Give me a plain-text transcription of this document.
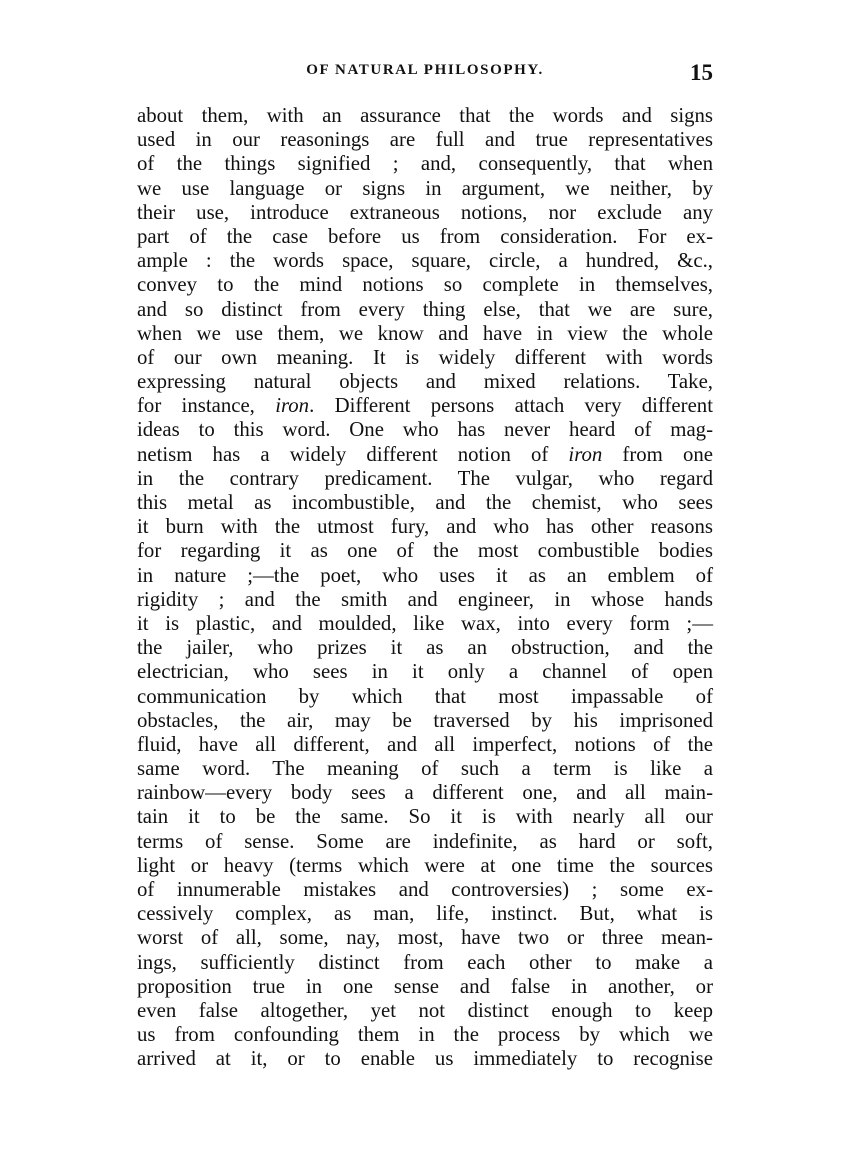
OF NATURAL PHILOSOPHY.	15
about them, with an assurance that the words and signs
used in our reasonings are full and true representatives
of the things signified ; and, consequently, that when
we use language or signs in argument, we neither, by
their use, introduce extraneous notions, nor exclude any
part of the case before us from consideration. For ex-
ample : the words space, square, circle, a hundred, &c.,
convey to the mind notions so complete in themselves,
and so distinct from every thing else, that we are sure,
when we use them, we know and have in view the whole
of our own meaning. It is widely different with words
expressing natural objects and mixed relations. Take,
for instance, iron. Different persons attach very different
ideas to this word. One who has never heard of mag-
netism has a widely different notion of iron from one
in the contrary predicament. The vulgar, who regard
this metal as incombustible, and the chemist, who sees
it burn with the utmost fury, and who has other reasons
for regarding it as one of the most combustible bodies
in nature ;—the poet, who uses it as an emblem of
rigidity ; and the smith and engineer, in whose hands
it is plastic, and moulded, like wax, into every form ;—
the jailer, who prizes it as an obstruction, and the
electrician, who sees in it only a channel of open
communication by which that most impassable of
obstacles, the air, may be traversed by his imprisoned
fluid, have all different, and all imperfect, notions of the
same word. The meaning of such a term is like a
rainbow—every body sees a different one, and all main-
tain it to be the same. So it is with nearly all our
terms of sense. Some are indefinite, as hard or soft,
light or heavy (terms which were at one time the sources
of innumerable mistakes and controversies) ; some ex-
cessively complex, as man, life, instinct. But, what is
worst of all, some, nay, most, have two or three mean-
ings, sufficiently distinct from each other to make a
proposition true in one sense and false in another, or
even false altogether, yet not distinct enough to keep
us from confounding them in the process by which we
arrived at it, or to enable us immediately to recognise
